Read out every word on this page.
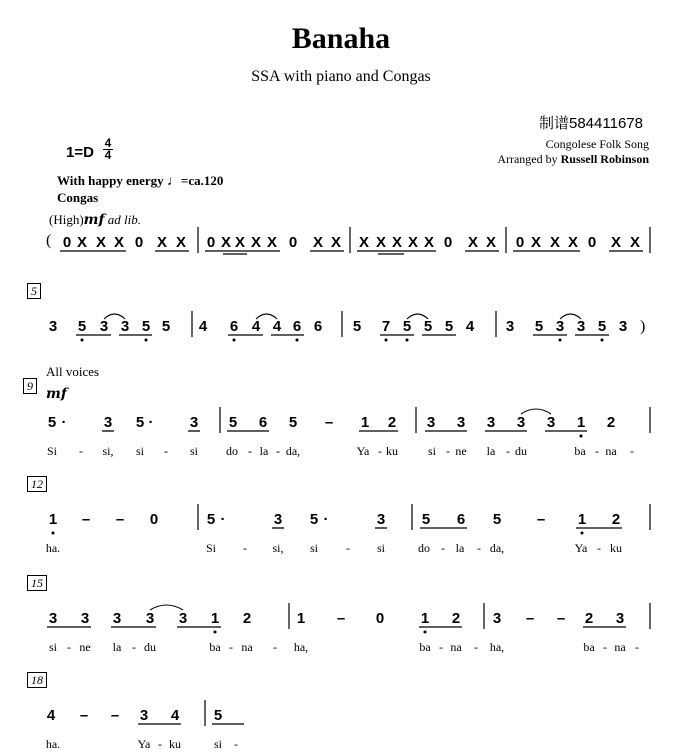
Banaha
SSA with piano and Congas
制谱584411678
Congolese Folk Song
Arranged by Russell Robinson
1=D
4
4
With happy energy ♩=ca.120
Congas
(High)mf ad lib.
All voices
mf
5
9
12
15
18
( 0 X X X 0 X X 0 X X X X 0 X X X X X X X 0 X X 0 X X X 0 X X
)
3 5 3 3 5 5 4 6 4 4 6 6 5 7 5 5 5 4 3 5 3 3 5 3
5 · 3 5 · 3 5 6 5 – 1 2 3 3 3 3 3 1 2
1 – – 0	5 ·	3 5 ·	3 5 6 5 – 1 2
3 3 3 3 3 1 2	1 – 0 1 2 3 – – 2 3
4 – – 3 4 5
Si - si, si - si do - la - da,	Ya - ku si - ne la - du	ba - na -
ha.	Si - si, si - si	do - la - da,	Ya - ku
si - ne la - du	ba - na - ha,	ba - na - ha,	ba - na -
ha.	Ya - ku	si -
